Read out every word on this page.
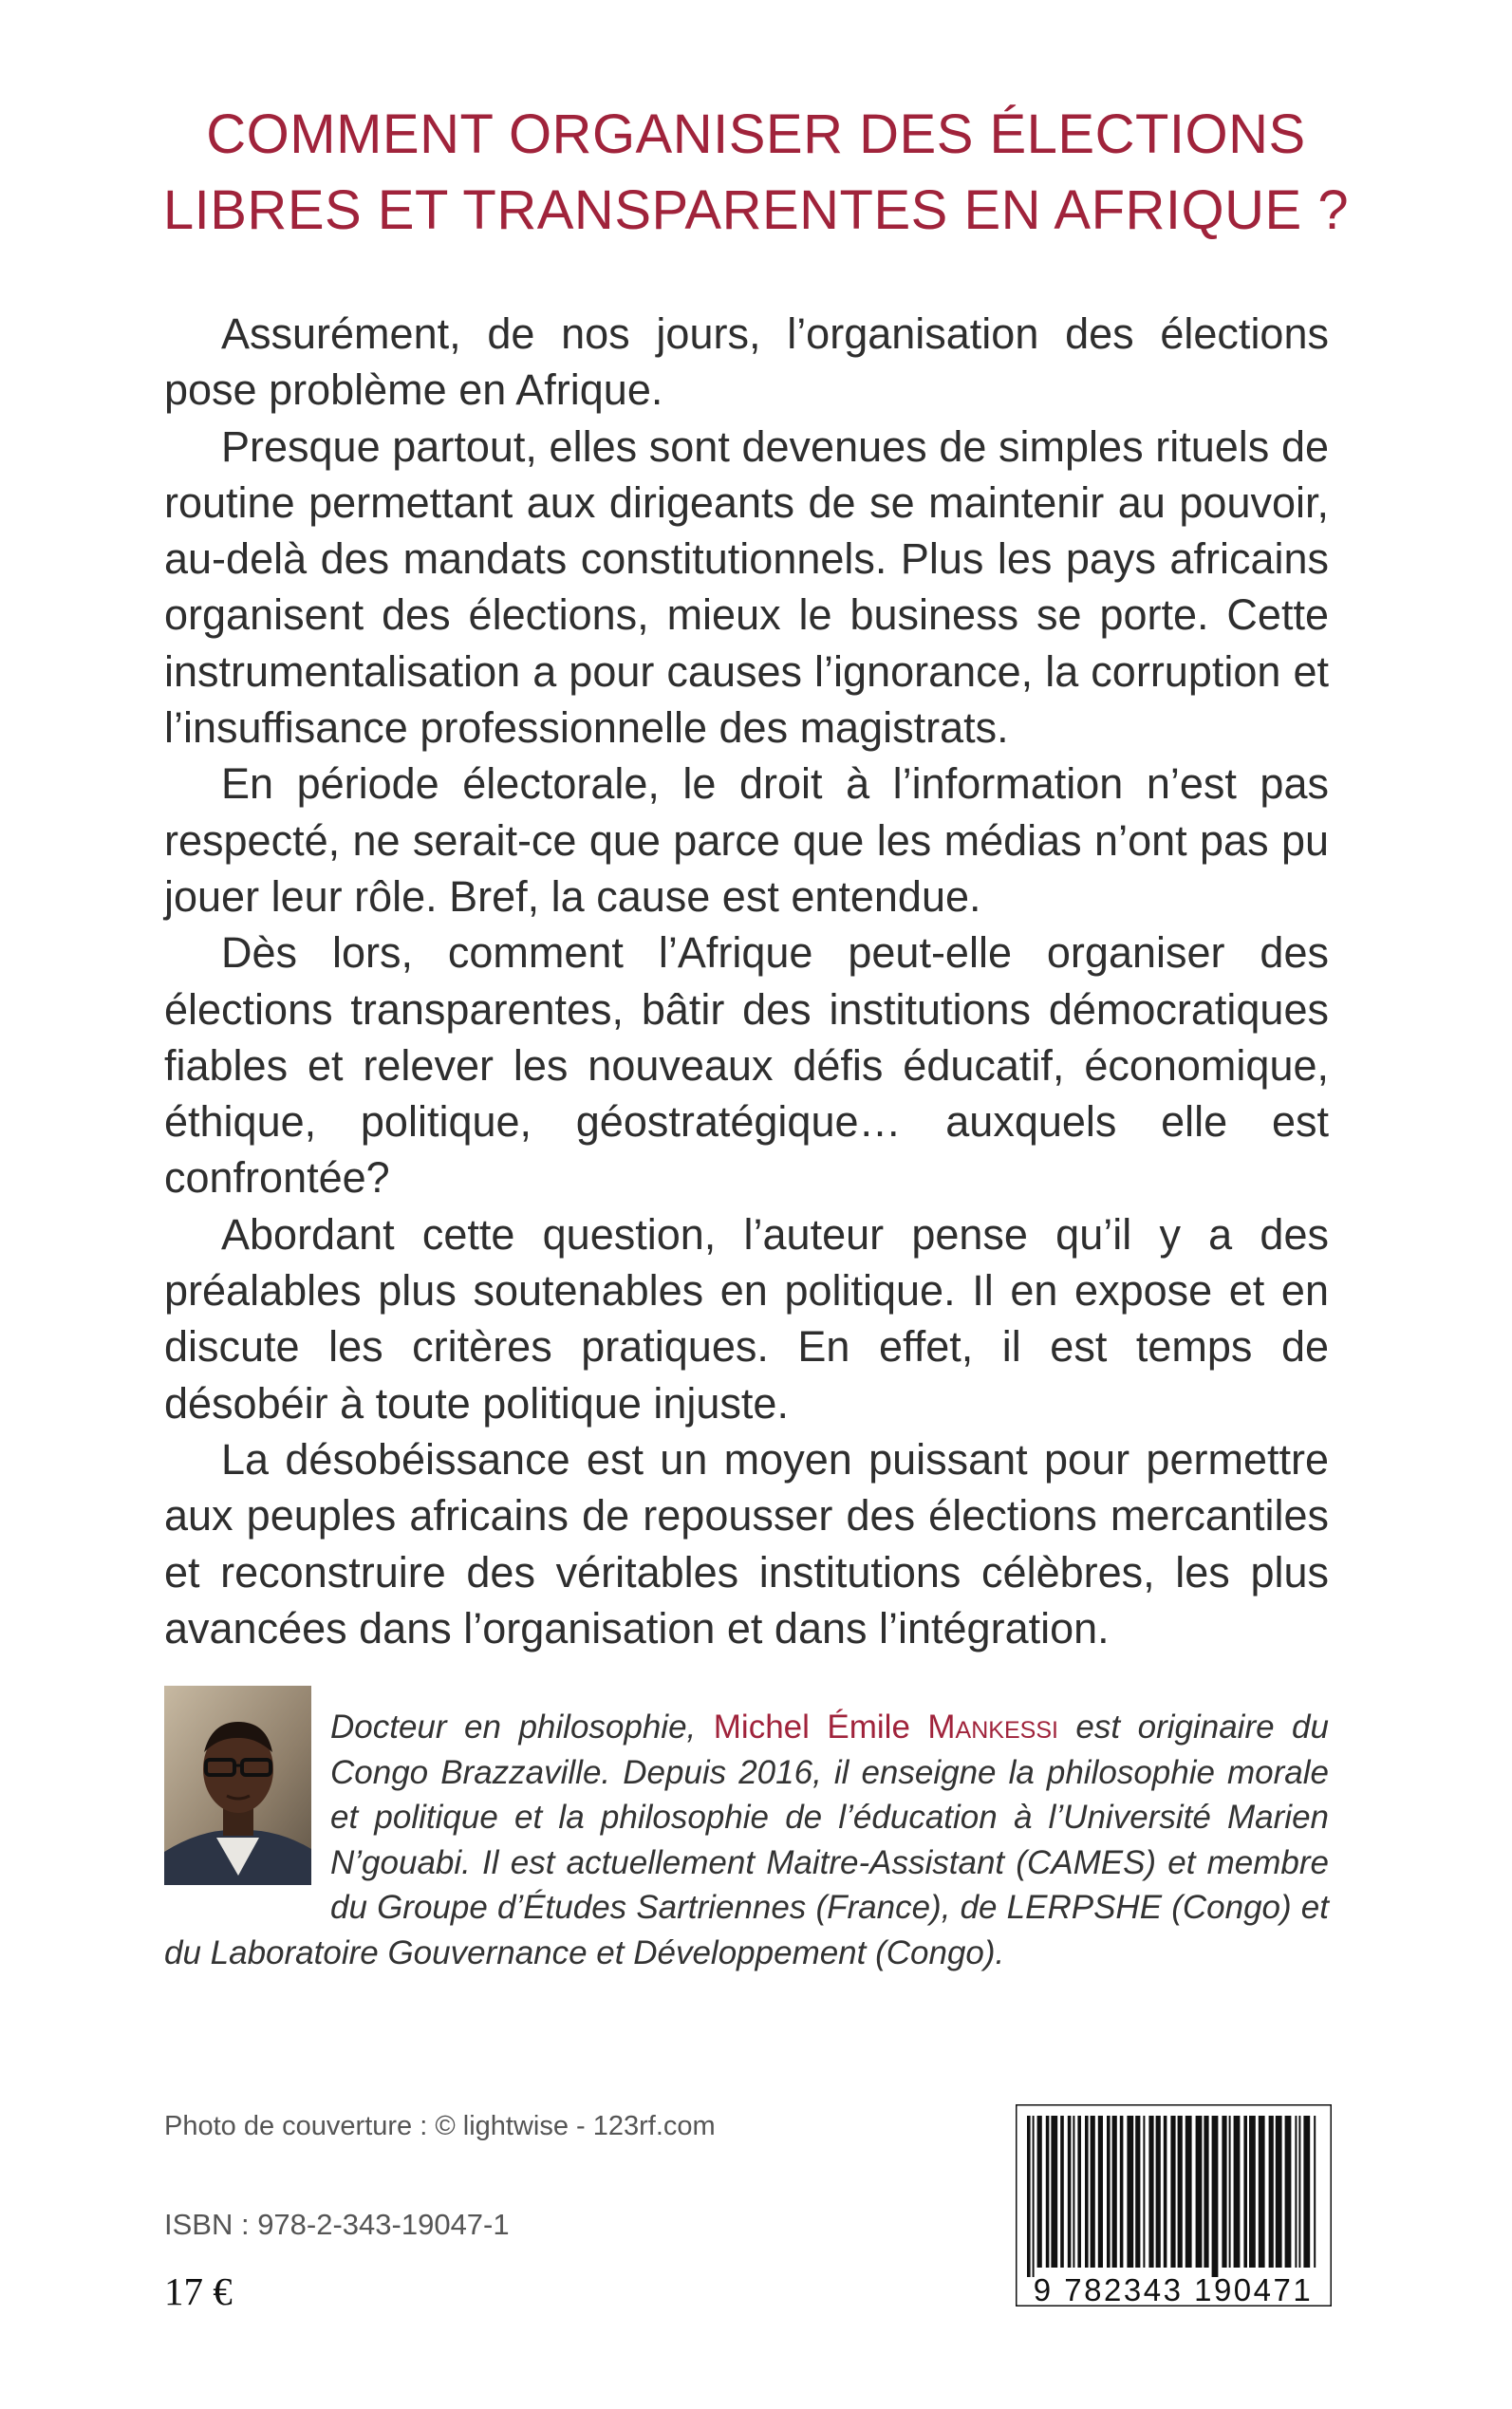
COMMENT ORGANISER DES ÉLECTIONS
LIBRES ET TRANSPARENTES EN AFRIQUE ?

Assurément, de nos jours, l’organisation des élections pose problème en Afrique.

Presque partout, elles sont devenues de simples rituels de routine permettant aux dirigeants de se maintenir au pouvoir, au-delà des mandats constitutionnels. Plus les pays africains organisent des élections, mieux le business se porte. Cette instrumentalisation a pour causes l’ignorance, la corruption et l’insuffisance professionnelle des magistrats.

En période électorale, le droit à l’information n’est pas respecté, ne serait-ce que parce que les médias n’ont pas pu jouer leur rôle. Bref, la cause est entendue.

Dès lors, comment l’Afrique peut-elle organiser des élections transparentes, bâtir des institutions démocratiques fiables et relever les nouveaux défis éducatif, économique, éthique, politique, géostratégique… auxquels elle est confrontée?

Abordant cette question, l’auteur pense qu’il y a des préalables plus soutenables en politique. Il en expose et en discute les critères pratiques. En effet, il est temps de désobéir à toute politique injuste.

La désobéissance est un moyen puissant pour permettre aux peuples africains de repousser des élections mercantiles et reconstruire des véritables institutions célèbres, les plus avancées dans l’organisation et dans l’intégration.

Docteur en philosophie, Michel Émile Mankessi est originaire du Congo Brazzaville. Depuis 2016, il enseigne la philosophie morale et politique et la philosophie de l’éducation à l’Université Marien N’gouabi. Il est actuellement Maitre-Assistant (CAMES) et membre du Groupe d’Études Sartriennes (France), de LERPSHE (Congo) et du Laboratoire Gouvernance et Développement (Congo).
Photo de couverture : © lightwise - 123rf.com
ISBN : 978-2-343-19047-1
17 €	9 782343 190471
